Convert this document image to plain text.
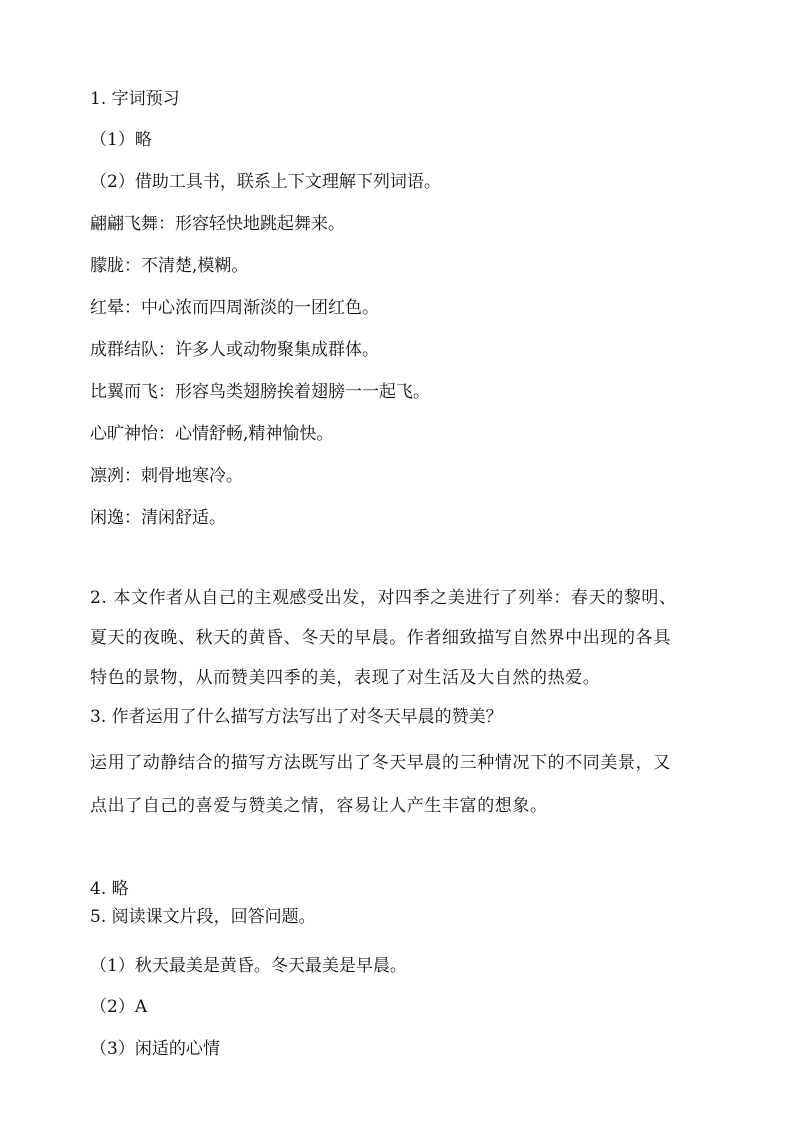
1. 字词预习
（1）略
（2）借助工具书，联系上下文理解下列词语。
翩翩飞舞：形容轻快地跳起舞来。
朦胧：不清楚,模糊。
红晕：中心浓而四周渐淡的一团红色。
成群结队：许多人或动物聚集成群体。
比翼而飞：形容鸟类翅膀挨着翅膀一一起飞。
心旷神怡：心情舒畅,精神愉快。
凛冽：刺骨地寒冷。
闲逸：清闲舒适。
2. 本文作者从自己的主观感受出发，对四季之美进行了列举：春天的黎明、
夏天的夜晚、秋天的黄昏、冬天的早晨。作者细致描写自然界中出现的各具
特色的景物，从而赞美四季的美，表现了对生活及大自然的热爱。
3. 作者运用了什么描写方法写出了对冬天早晨的赞美？
运用了动静结合的描写方法既写出了冬天早晨的三种情况下的不同美景，又
点出了自己的喜爱与赞美之情，容易让人产生丰富的想象。
4. 略
5. 阅读课文片段，回答问题。
（1）秋天最美是黄昏。冬天最美是早晨。
（2）A
（3）闲适的心情
